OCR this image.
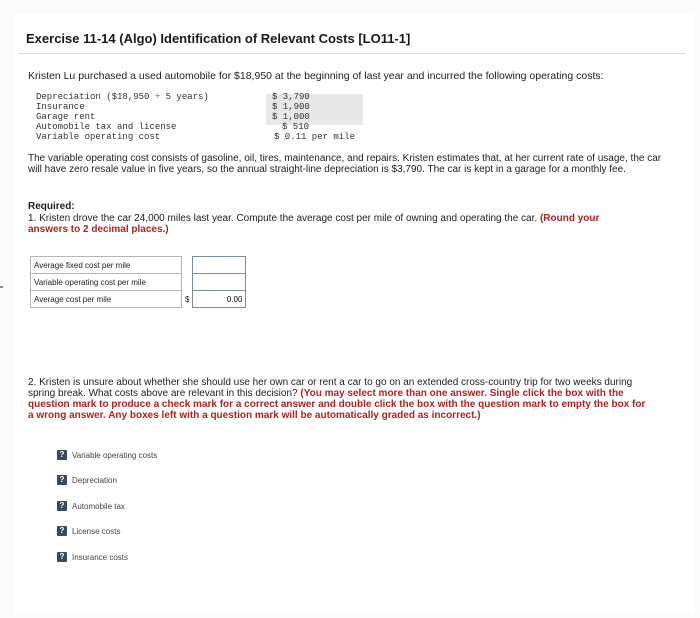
Exercise 11-14 (Algo) Identification of Relevant Costs [LO11-1]
Kristen Lu purchased a used automobile for $18,950 at the beginning of last year and incurred the following operating costs:
Depreciation ($18,950 ÷ 5 years)	$ 3,790
Insurance	$ 1,900
Garage rent	$ 1,000
Automobile tax and license	$ 510
Variable operating cost	$ 0.11 per mile
The variable operating cost consists of gasoline, oil, tires, maintenance, and repairs. Kristen estimates that, at her current rate of usage, the car will have zero resale value in five years, so the annual straight-line depreciation is $3,790. The car is kept in a garage for a monthly fee.
Required:
1. Kristen drove the car 24,000 miles last year. Compute the average cost per mile of owning and operating the car. (Round your answers to 2 decimal places.)
Average fixed cost per mile		
Variable operating cost per mile		
Average cost per mile	$	0.00
2. Kristen is unsure about whether she should use her own car or rent a car to go on an extended cross-country trip for two weeks during spring break. What costs above are relevant in this decision? (You may select more than one answer. Single click the box with the question mark to produce a check mark for a correct answer and double click the box with the question mark to empty the box for a wrong answer. Any boxes left with a question mark will be automatically graded as incorrect.)
? Variable operating costs
? Depreciation
? Automobile tax
? License costs
? Insurance costs
